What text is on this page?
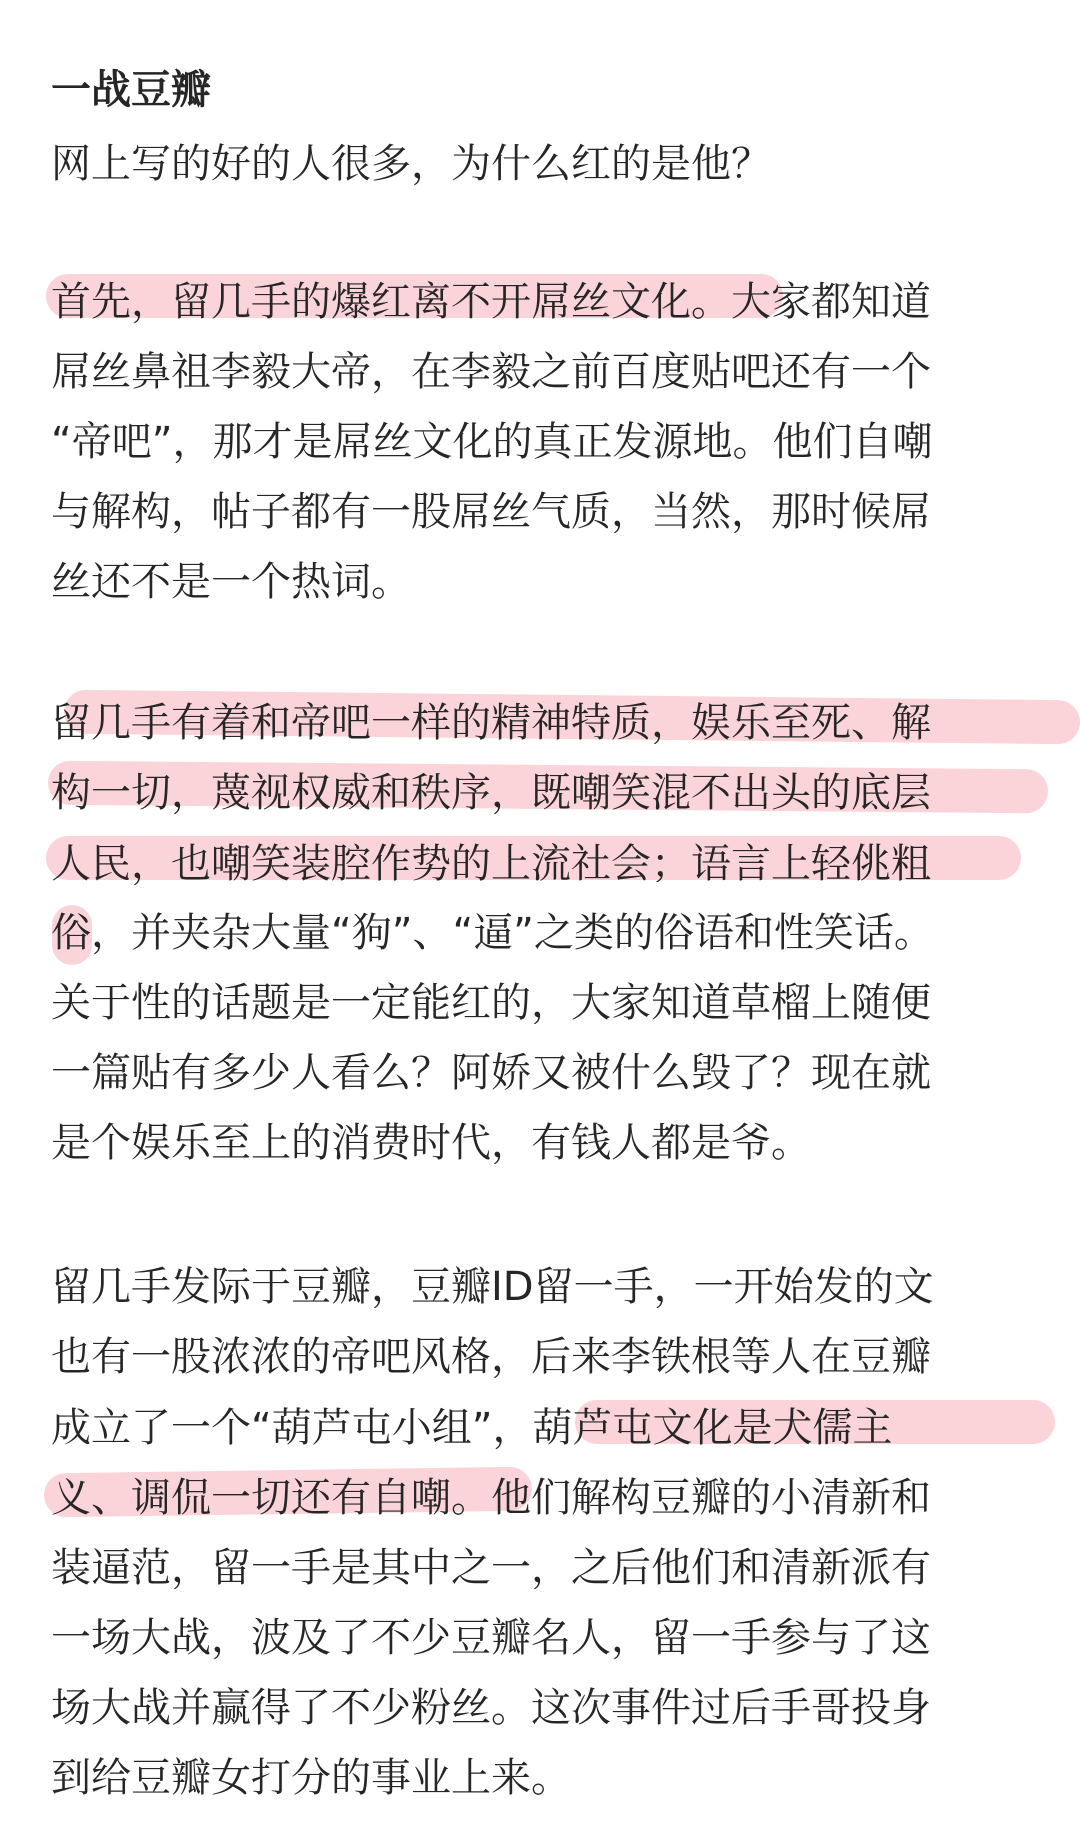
一战豆瓣
网上写的好的人很多，为什么红的是他？
首先，留几手的爆红离不开屌丝文化。大家都知道
屌丝鼻祖李毅大帝，在李毅之前百度贴吧还有一个
“帝吧”，那才是屌丝文化的真正发源地。他们自嘲
与解构，帖子都有一股屌丝气质，当然，那时候屌
丝还不是一个热词。
留几手有着和帝吧一样的精神特质，娱乐至死、解
构一切，蔑视权威和秩序，既嘲笑混不出头的底层
人民，也嘲笑装腔作势的上流社会；语言上轻佻粗
俗，并夹杂大量“狗”、“逼”之类的俗语和性笑话。
关于性的话题是一定能红的，大家知道草榴上随便
一篇贴有多少人看么？阿娇又被什么毁了？现在就
是个娱乐至上的消费时代，有钱人都是爷。
留几手发际于豆瓣，豆瓣ID留一手，一开始发的文
也有一股浓浓的帝吧风格，后来李铁根等人在豆瓣
成立了一个“葫芦屯小组”，葫芦屯文化是犬儒主
义、调侃一切还有自嘲。他们解构豆瓣的小清新和
装逼范，留一手是其中之一，之后他们和清新派有
一场大战，波及了不少豆瓣名人，留一手参与了这
场大战并赢得了不少粉丝。这次事件过后手哥投身
到给豆瓣女打分的事业上来。
